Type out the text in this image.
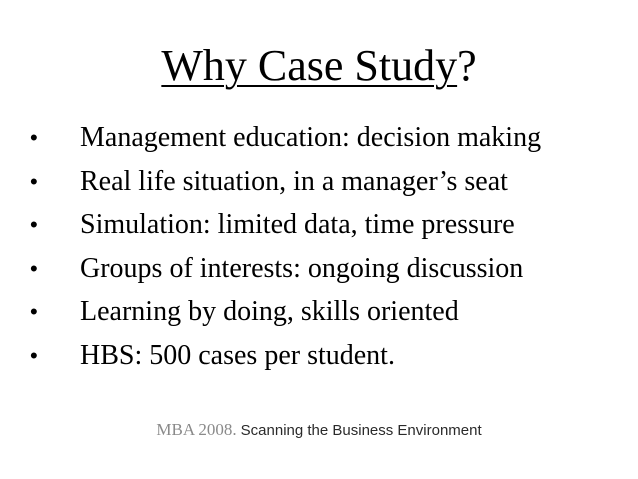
Why Case Study?
• Management education: decision making
• Real life situation, in a manager’s seat
• Simulation: limited data, time pressure
• Groups of interests: ongoing discussion
• Learning by doing, skills oriented
• HBS: 500 cases per student.
MBA 2008. Scanning the Business Environment
